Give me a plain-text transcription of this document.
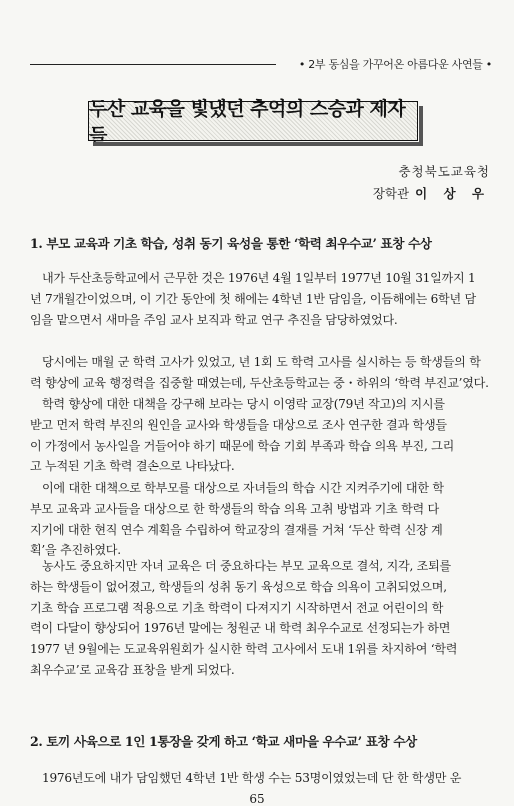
• 2부 동심을 가꾸어온 아름다운 사연들 •
두산 교육을 빛냈던 추억의 스승과 제자들
충청북도교육청
장학관 이 상 우
1. 부모 교육과 기초 학습, 성취 동기 육성을 통한 ‘학력 최우수교’ 표창 수상
내가 두산초등학교에서 근무한 것은 1976년 4월 1일부터 1977년 10월 31일까지 1
년 7개월간이었으며, 이 기간 동안에 첫 해에는 4학년 1반 담임을, 이듬해에는 6학년 담
임을 맡으면서 새마을 주임 교사 보직과 학교 연구 추진을 담당하였었다.
당시에는 매월 군 학력 고사가 있었고, 년 1회 도 학력 고사를 실시하는 등 학생들의 학
력 향상에 교육 행정력을 집중할 때였는데, 두산초등학교는 중・하위의 ‘학력 부진교’였다.
학력 향상에 대한 대책을 강구해 보라는 당시 이영락 교장(79년 작고)의 지시를
받고 먼저 학력 부진의 원인을 교사와 학생들을 대상으로 조사 연구한 결과 학생들
이 가정에서 농사일을 거들어야 하기 때문에 학습 기회 부족과 학습 의욕 부진, 그리
고 누적된 기초 학력 결손으로 나타났다.
이에 대한 대책으로 학부모를 대상으로 자녀들의 학습 시간 지켜주기에 대한 학
부모 교육과 교사들을 대상으로 한 학생들의 학습 의욕 고취 방법과 기초 학력 다
지기에 대한 현직 연수 계획을 수립하여 학교장의 결재를 거쳐 ‘두산 학력 신장 계
획’을 추진하였다.
농사도 중요하지만 자녀 교육은 더 중요하다는 부모 교육으로 결석, 지각, 조퇴를
하는 학생들이 없어졌고, 학생들의 성취 동기 육성으로 학습 의욕이 고취되었으며,
기초 학습 프로그램 적용으로 기초 학력이 다져지기 시작하면서 전교 어린이의 학
력이 다달이 향상되어 1976년 말에는 청원군 내 학력 최우수교로 선정되는가 하면
1977 년 9월에는 도교육위원회가 실시한 학력 고사에서 도내 1위를 차지하여 ‘학력
최우수교’로 교육감 표창을 받게 되었다.
2. 토끼 사육으로 1인 1통장을 갖게 하고 ‘학교 새마을 우수교’ 표창 수상
1976년도에 내가 담임했던 4학년 1반 학생 수는 53명이였었는데 단 한 학생만 운
65
